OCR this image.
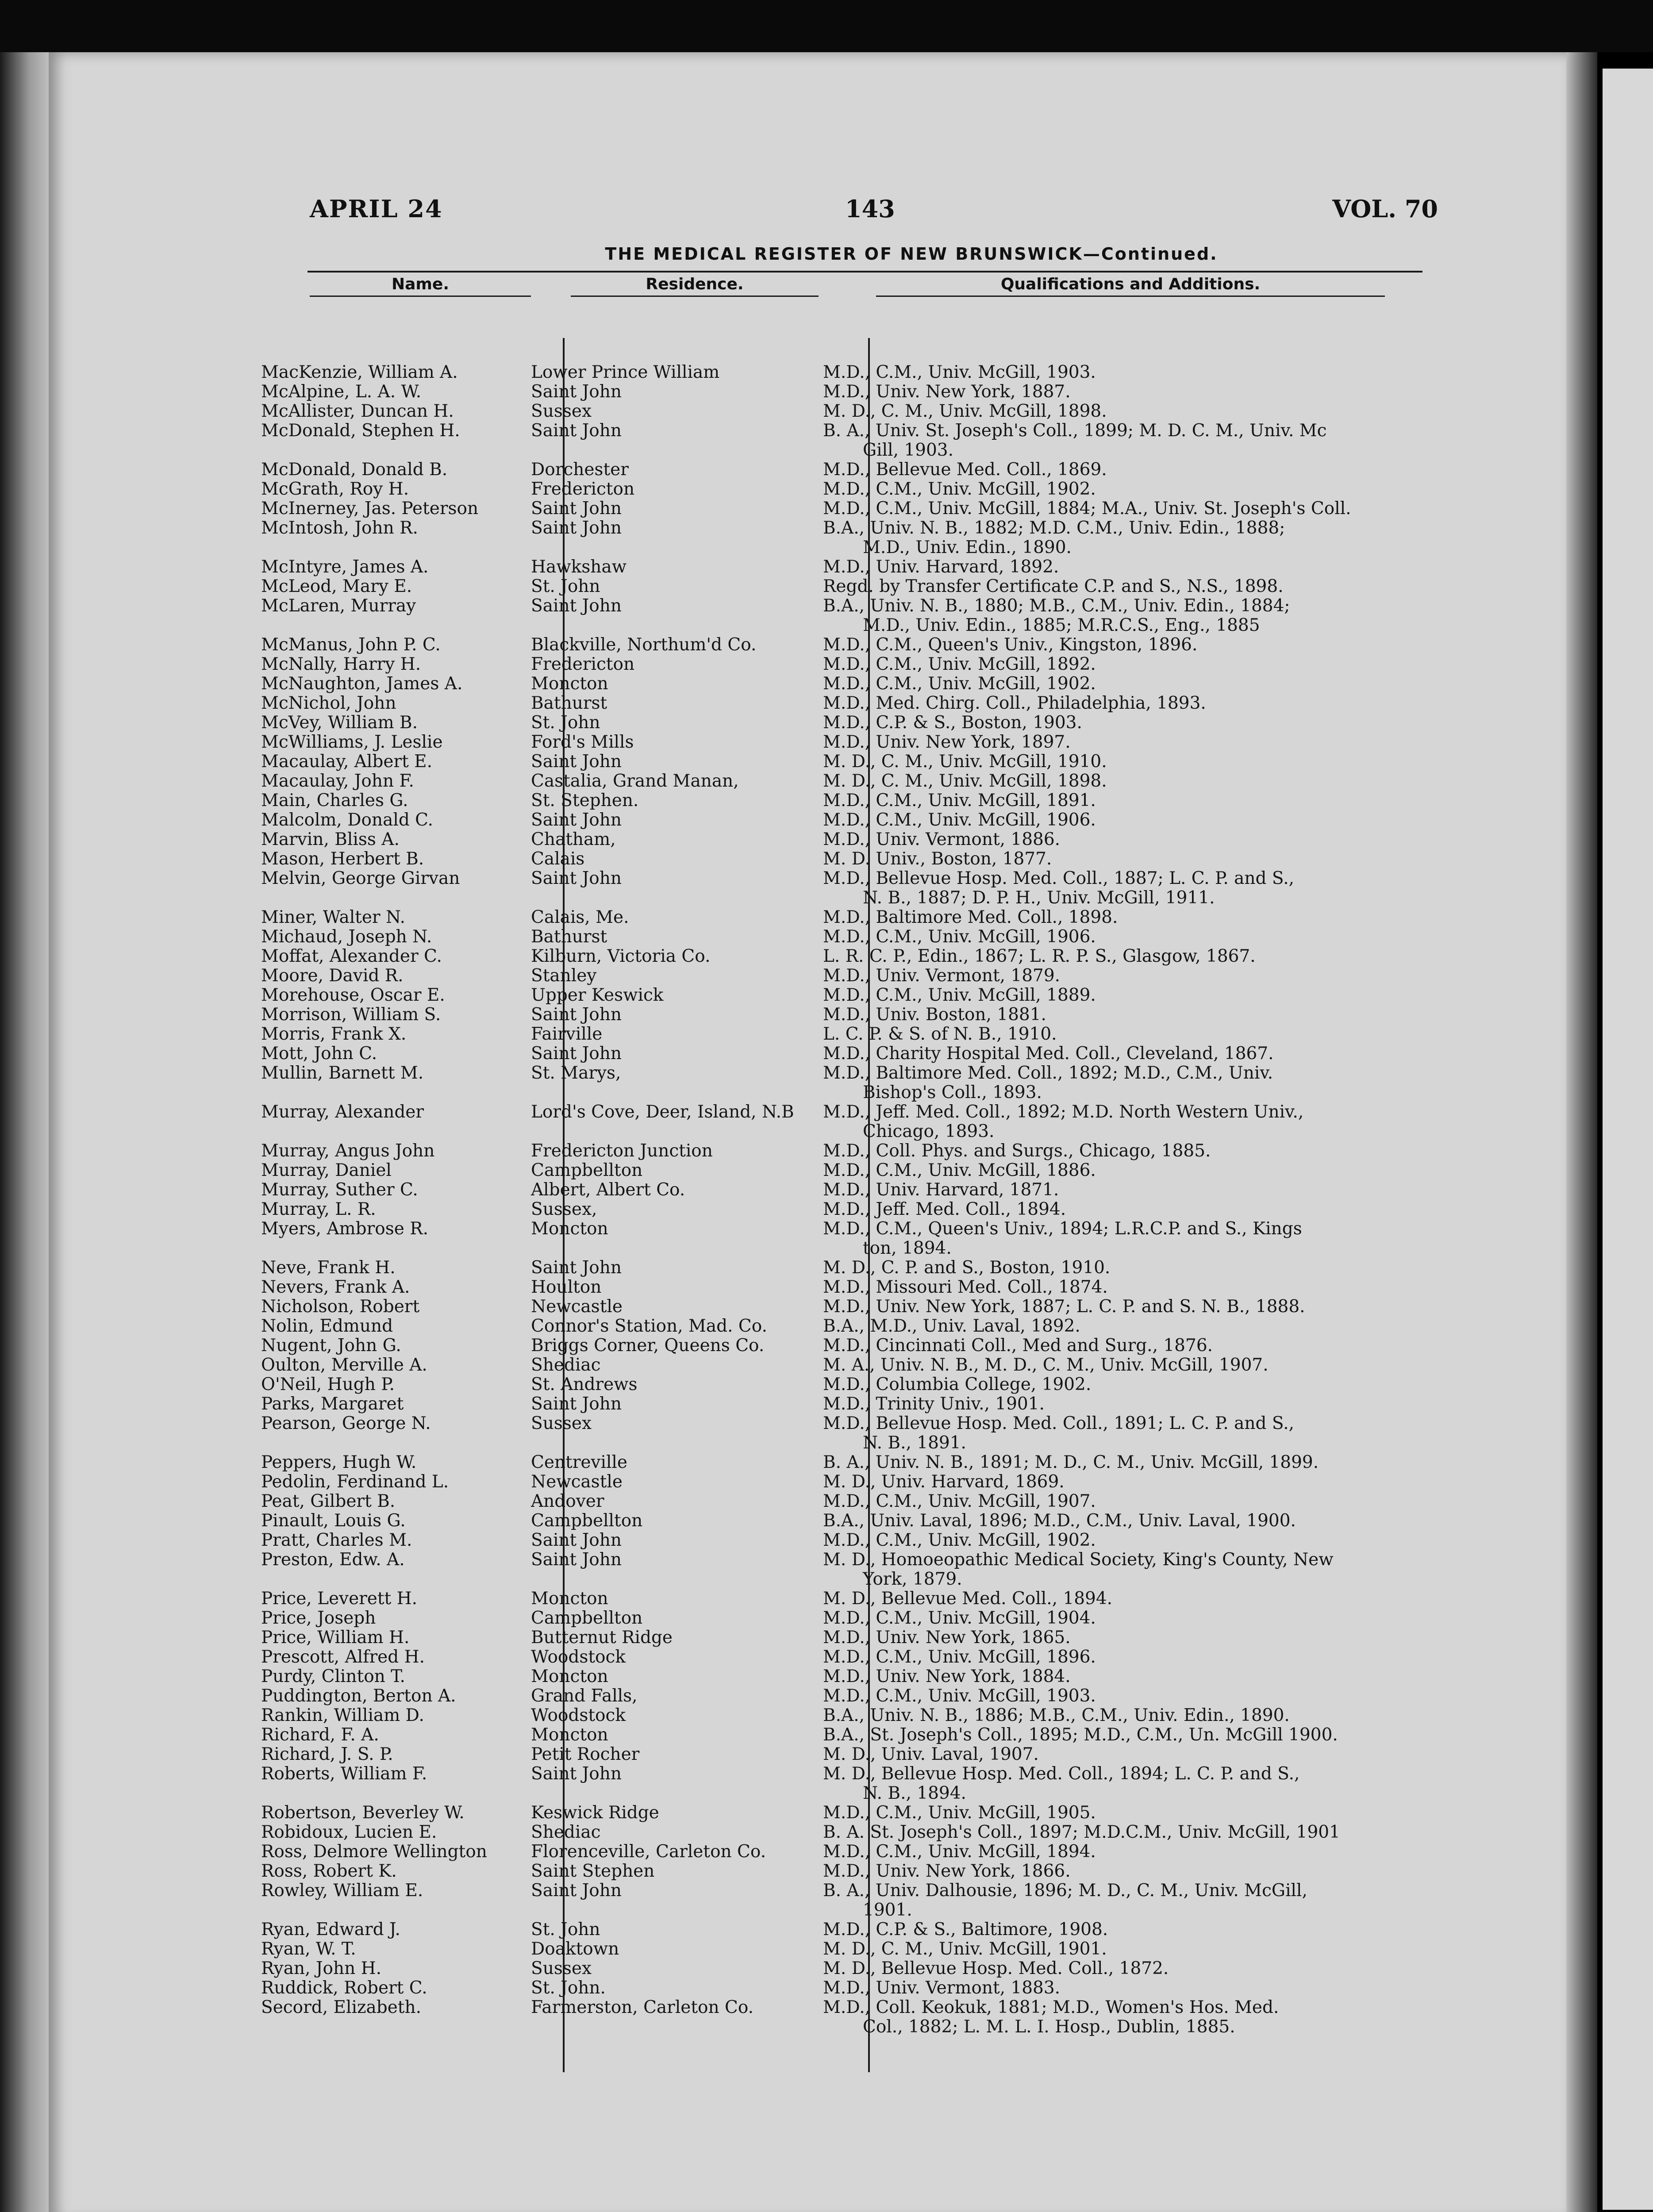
APRIL 24	143	VOL. 70
THE MEDICAL REGISTER OF NEW BRUNSWICK—Continued.
Name.	Residence.	Qualifications and Additions.
MacKenzie, William A.	Lower Prince William	M.D., C.M., Univ. McGill, 1903.
McAlpine, L. A. W.	Saint John	M.D., Univ. New York, 1887.
McAllister, Duncan H.	Sussex	M. D., C. M., Univ. McGill, 1898.
McDonald, Stephen H.	Saint John	B. A., Univ. St. Joseph's Coll., 1899; M. D. C. M., Univ. Mc
Gill, 1903.
McDonald, Donald B.	Dorchester	M.D., Bellevue Med. Coll., 1869.
McGrath, Roy H.	Fredericton	M.D., C.M., Univ. McGill, 1902.
McInerney, Jas. Peterson	Saint John	M.D., C.M., Univ. McGill, 1884; M.A., Univ. St. Joseph's Coll.
McIntosh, John R.	Saint John	B.A., Univ. N. B., 1882; M.D. C.M., Univ. Edin., 1888;
M.D., Univ. Edin., 1890.
McIntyre, James A.	Hawkshaw	M.D., Univ. Harvard, 1892.
McLeod, Mary E.	St. John	Regd. by Transfer Certificate C.P. and S., N.S., 1898.
McLaren, Murray	Saint John	B.A., Univ. N. B., 1880; M.B., C.M., Univ. Edin., 1884;
M.D., Univ. Edin., 1885; M.R.C.S., Eng., 1885
McManus, John P. C.	Blackville, Northum'd Co.	M.D., C.M., Queen's Univ., Kingston, 1896.
McNally, Harry H.	Fredericton	M.D., C.M., Univ. McGill, 1892.
McNaughton, James A.	Moncton	M.D., C.M., Univ. McGill, 1902.
McNichol, John	Bathurst	M.D., Med. Chirg. Coll., Philadelphia, 1893.
McVey, William B.	St. John	M.D., C.P. & S., Boston, 1903.
McWilliams, J. Leslie	Ford's Mills	M.D., Univ. New York, 1897.
Macaulay, Albert E.	Saint John	M. D., C. M., Univ. McGill, 1910.
Macaulay, John F.	Castalia, Grand Manan,	M. D., C. M., Univ. McGill, 1898.
Main, Charles G.	St. Stephen.	M.D., C.M., Univ. McGill, 1891.
Malcolm, Donald C.	Saint John	M.D., C.M., Univ. McGill, 1906.
Marvin, Bliss A.	Chatham,	M.D., Univ. Vermont, 1886.
Mason, Herbert B.	Calais	M. D. Univ., Boston, 1877.
Melvin, George Girvan	Saint John	M.D., Bellevue Hosp. Med. Coll., 1887; L. C. P. and S.,
N. B., 1887; D. P. H., Univ. McGill, 1911.
Miner, Walter N.	Calais, Me.	M.D., Baltimore Med. Coll., 1898.
Michaud, Joseph N.	Bathurst	M.D., C.M., Univ. McGill, 1906.
Moffat, Alexander C.	Kilburn, Victoria Co.	L. R. C. P., Edin., 1867; L. R. P. S., Glasgow, 1867.
Moore, David R.	Stanley	M.D., Univ. Vermont, 1879.
Morehouse, Oscar E.	Upper Keswick	M.D., C.M., Univ. McGill, 1889.
Morrison, William S.	Saint John	M.D., Univ. Boston, 1881.
Morris, Frank X.	Fairville	L. C. P. & S. of N. B., 1910.
Mott, John C.	Saint John	M.D., Charity Hospital Med. Coll., Cleveland, 1867.
Mullin, Barnett M.	St. Marys,	M.D., Baltimore Med. Coll., 1892; M.D., C.M., Univ.
Bishop's Coll., 1893.
Murray, Alexander	Lord's Cove, Deer, Island, N.B	M.D., Jeff. Med. Coll., 1892; M.D. North Western Univ.,
Chicago, 1893.
Murray, Angus John	Fredericton Junction	M.D., Coll. Phys. and Surgs., Chicago, 1885.
Murray, Daniel	Campbellton	M.D., C.M., Univ. McGill, 1886.
Murray, Suther C.	Albert, Albert Co.	M.D., Univ. Harvard, 1871.
Murray, L. R.	Sussex,	M.D., Jeff. Med. Coll., 1894.
Myers, Ambrose R.	Moncton	M.D., C.M., Queen's Univ., 1894; L.R.C.P. and S., Kings
ton, 1894.
Neve, Frank H.	Saint John	M. D., C. P. and S., Boston, 1910.
Nevers, Frank A.	Houlton	M.D., Missouri Med. Coll., 1874.
Nicholson, Robert	Newcastle	M.D., Univ. New York, 1887; L. C. P. and S. N. B., 1888.
Nolin, Edmund	Connor's Station, Mad. Co.	B.A., M.D., Univ. Laval, 1892.
Nugent, John G.	Briggs Corner, Queens Co.	M.D., Cincinnati Coll., Med and Surg., 1876.
Oulton, Merville A.	Shediac	M. A., Univ. N. B., M. D., C. M., Univ. McGill, 1907.
O'Neil, Hugh P.	St. Andrews	M.D., Columbia College, 1902.
Parks, Margaret	Saint John	M.D., Trinity Univ., 1901.
Pearson, George N.	Sussex	M.D., Bellevue Hosp. Med. Coll., 1891; L. C. P. and S.,
N. B., 1891.
Peppers, Hugh W.	Centreville	B. A., Univ. N. B., 1891; M. D., C. M., Univ. McGill, 1899.
Pedolin, Ferdinand L.	Newcastle	M. D., Univ. Harvard, 1869.
Peat, Gilbert B.	Andover	M.D., C.M., Univ. McGill, 1907.
Pinault, Louis G.	Campbellton	B.A., Univ. Laval, 1896; M.D., C.M., Univ. Laval, 1900.
Pratt, Charles M.	Saint John	M.D., C.M., Univ. McGill, 1902.
Preston, Edw. A.	Saint John	M. D., Homoeopathic Medical Society, King's County, New
York, 1879.
Price, Leverett H.	Moncton	M. D., Bellevue Med. Coll., 1894.
Price, Joseph	Campbellton	M.D., C.M., Univ. McGill, 1904.
Price, William H.	Butternut Ridge	M.D., Univ. New York, 1865.
Prescott, Alfred H.	Woodstock	M.D., C.M., Univ. McGill, 1896.
Purdy, Clinton T.	Moncton	M.D., Univ. New York, 1884.
Puddington, Berton A.	Grand Falls,	M.D., C.M., Univ. McGill, 1903.
Rankin, William D.	Woodstock	B.A., Univ. N. B., 1886; M.B., C.M., Univ. Edin., 1890.
Richard, F. A.	Moncton	B.A., St. Joseph's Coll., 1895; M.D., C.M., Un. McGill 1900.
Richard, J. S. P.	Petit Rocher	M. D., Univ. Laval, 1907.
Roberts, William F.	Saint John	M. D., Bellevue Hosp. Med. Coll., 1894; L. C. P. and S.,
N. B., 1894.
Robertson, Beverley W.	Keswick Ridge	M.D., C.M., Univ. McGill, 1905.
Robidoux, Lucien E.	Shediac	B. A. St. Joseph's Coll., 1897; M.D.C.M., Univ. McGill, 1901
Ross, Delmore Wellington	Florenceville, Carleton Co.	M.D., C.M., Univ. McGill, 1894.
Ross, Robert K.	Saint Stephen	M.D., Univ. New York, 1866.
Rowley, William E.	Saint John	B. A., Univ. Dalhousie, 1896; M. D., C. M., Univ. McGill,
1901.
Ryan, Edward J.	St. John	M.D., C.P. & S., Baltimore, 1908.
Ryan, W. T.	Doaktown	M. D., C. M., Univ. McGill, 1901.
Ryan, John H.	Sussex	M. D., Bellevue Hosp. Med. Coll., 1872.
Ruddick, Robert C.	St. John.	M.D., Univ. Vermont, 1883.
Secord, Elizabeth.	Farmerston, Carleton Co.	M.D., Coll. Keokuk, 1881; M.D., Women's Hos. Med.
Col., 1882; L. M. L. I. Hosp., Dublin, 1885.
